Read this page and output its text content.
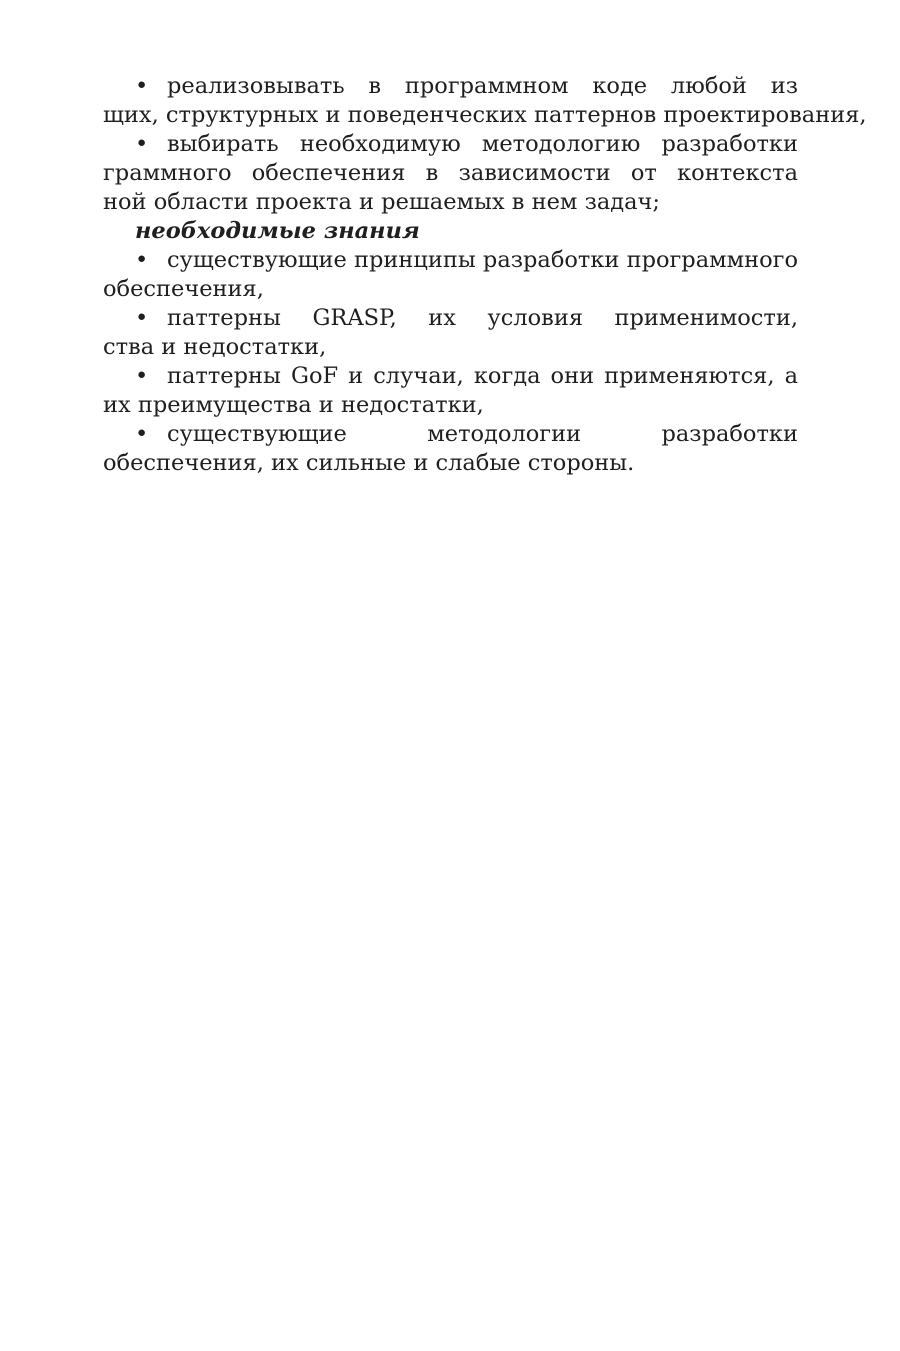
• реализовывать в программном коде любой из
щих, структурных и поведенческих паттернов проектирования,
• выбирать необходимую методологию разработки
граммного обеспечения в зависимости от контекста
ной области проекта и решаемых в нем задач;
необходимые знания
• существующие принципы разработки программного
обеспечения,
• паттерны GRASP, их условия применимости,
ства и недостатки,
• паттерны GoF и случаи, когда они применяются, а
их преимущества и недостатки,
• существующие методологии разработки
обеспечения, их сильные и слабые стороны.
